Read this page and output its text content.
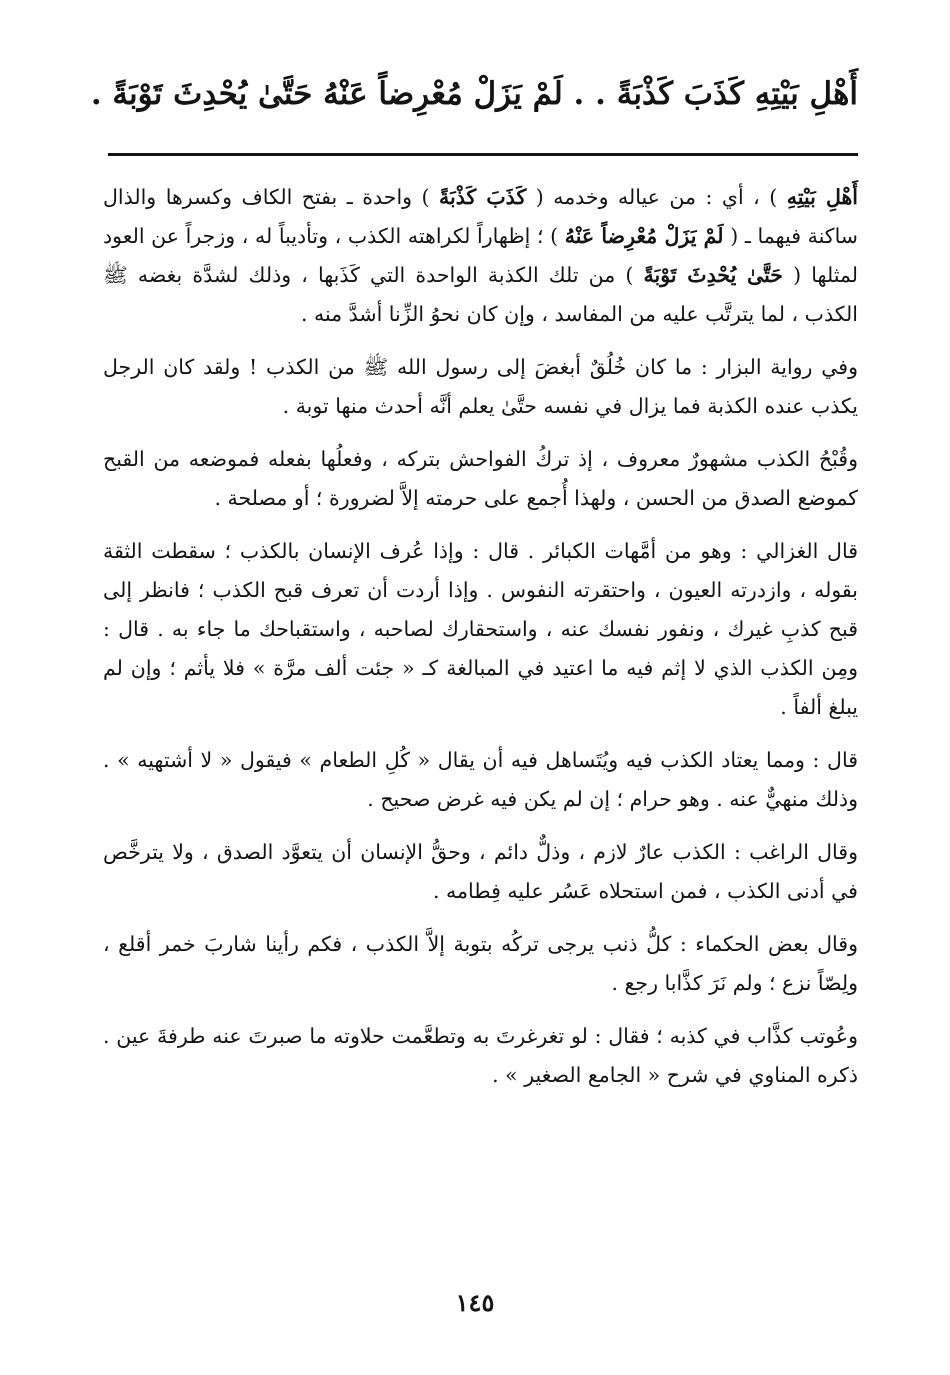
أَهْلِ بَيْتِهِ كَذَبَ كَذْبَةً . . لَمْ يَزَلْ مُعْرِضاً عَنْهُ حَتَّىٰ يُحْدِثَ تَوْبَةً .

أَهْلِ بَيْتِهِ ) ، أي : من عياله وخدمه ( كَذَبَ كَذْبَةً ) واحدة ـ بفتح الكاف وكسرها والذال ساكنة فيهما ـ ( لَمْ يَزَلْ مُعْرِضاً عَنْهُ ) ؛ إظهاراً لكراهته الكذب ، وتأديباً له ، وزجراً عن العود لمثلها ( حَتَّىٰ يُحْدِثَ تَوْبَةً ) من تلك الكذبة الواحدة التي كَذَبها ، وذلك لشدَّة بغضه ﷺ الكذب ، لما يترتَّب عليه من المفاسد ، وإن كان نحوُ الزِّنا أشدَّ منه .

وفي رواية البزار : ما كان خُلُقٌ أبغضَ إلى رسول الله ﷺ من الكذب ! ولقد كان الرجل يكذب عنده الكذبة فما يزال في نفسه حتَّىٰ يعلم أنَّه أحدث منها توبة .

وقُبْحُ الكذب مشهورٌ معروف ، إذ تركُ الفواحش بتركه ، وفعلُها بفعله فموضعه من القبح كموضع الصدق من الحسن ، ولهذا أُجمع على حرمته إلاَّ لضرورة ؛ أو مصلحة .

قال الغزالي : وهو من أمَّهات الكبائر . قال : وإذا عُرف الإنسان بالكذب ؛ سقطت الثقة بقوله ، وازدرته العيون ، واحتقرته النفوس . وإذا أردت أن تعرف قبح الكذب ؛ فانظر إلى قبح كذبِ غيرك ، ونفور نفسك عنه ، واستحقارك لصاحبه ، واستقباحك ما جاء به . قال : ومِن الكذب الذي لا إثم فيه ما اعتيد في المبالغة كـ « جئت ألف مرَّة » فلا يأثم ؛ وإن لم يبلغ ألفاً .

قال : ومما يعتاد الكذب فيه ويُتَساهل فيه أن يقال « كُلِ الطعام » فيقول « لا أشتهيه » . وذلك منهيٌّ عنه . وهو حرام ؛ إن لم يكن فيه غرض صحيح .

وقال الراغب : الكذب عارٌ لازم ، وذلٌّ دائم ، وحقُّ الإنسان أن يتعوَّد الصدق ، ولا يترخَّص في أدنى الكذب ، فمن استحلاه عَسُر عليه فِطامه .

وقال بعض الحكماء : كلُّ ذنب يرجى تركُه بتوبة إلاَّ الكذب ، فكم رأينا شاربَ خمر أقلع ، ولِصّاً نزع ؛ ولم نَرَ كذَّابا رجع .

وعُوتب كذَّاب في كذبه ؛ فقال : لو تغرغرتَ به وتطعَّمت حلاوته ما صبرتَ عنه طرفةَ عين . ذكره المناوي في شرح « الجامع الصغير » .

١٤٥
